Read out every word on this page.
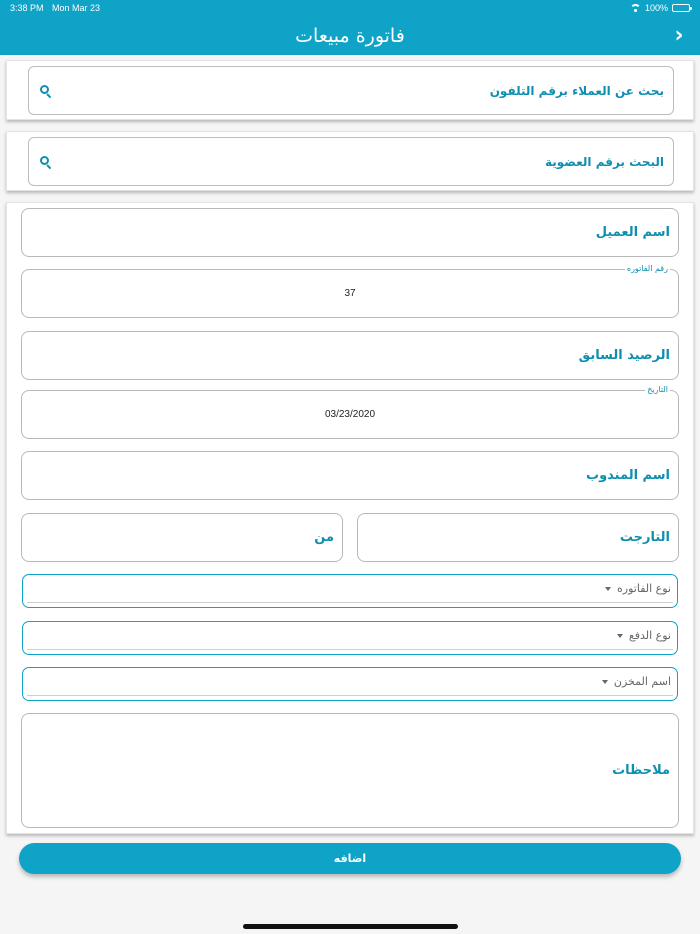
3:38 PM Mon Mar 23	100%
فاتورة مبيعات	›
بحث عن العملاء برقم التلفون
البحث برقم العضوية
اسم العميل
رقم الفاتوره
37
الرصيد السابق
التاريخ
03/23/2020
اسم المندوب
التارجت
من
نوع الفاتوره
نوع الدفع
اسم المخزن
ملاحظات
اضافه
